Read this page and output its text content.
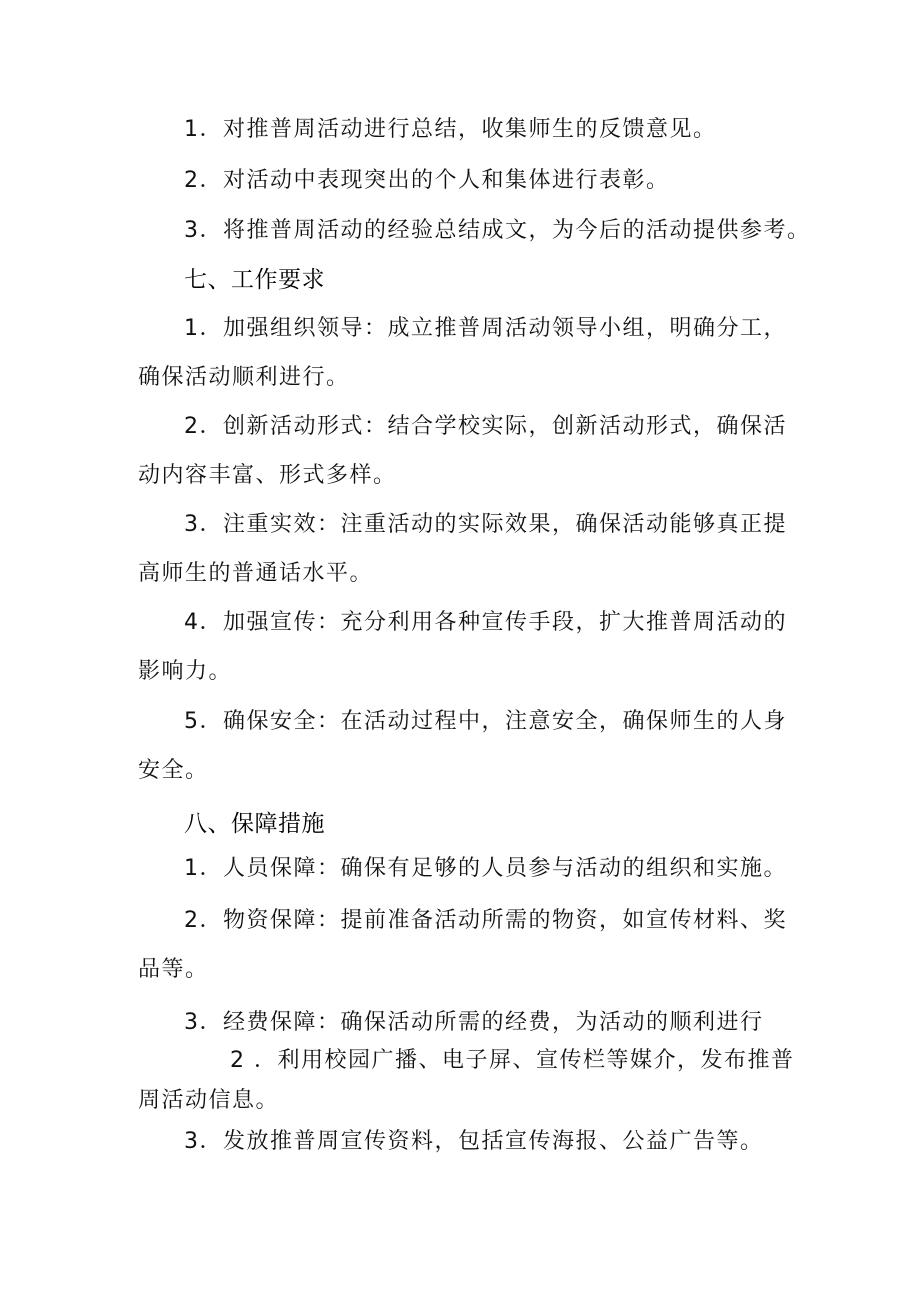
1．对推普周活动进行总结，收集师生的反馈意见。
2．对活动中表现突出的个人和集体进行表彰。
3．将推普周活动的经验总结成文，为今后的活动提供参考。
七、工作要求
1．加强组织领导：成立推普周活动领导小组，明确分工，确保活动顺利进行。
2．创新活动形式：结合学校实际，创新活动形式，确保活动内容丰富、形式多样。
3．注重实效：注重活动的实际效果，确保活动能够真正提高师生的普通话水平。
4．加强宣传：充分利用各种宣传手段，扩大推普周活动的影响力。
5．确保安全：在活动过程中，注意安全，确保师生的人身安全。
八、保障措施
1．人员保障：确保有足够的人员参与活动的组织和实施。
2．物资保障：提前准备活动所需的物资，如宣传材料、奖品等。
3．经费保障：确保活动所需的经费，为活动的顺利进行
2 ．利用校园广播、电子屏、宣传栏等媒介，发布推普周活动信息。
3．发放推普周宣传资料，包括宣传海报、公益广告等。
